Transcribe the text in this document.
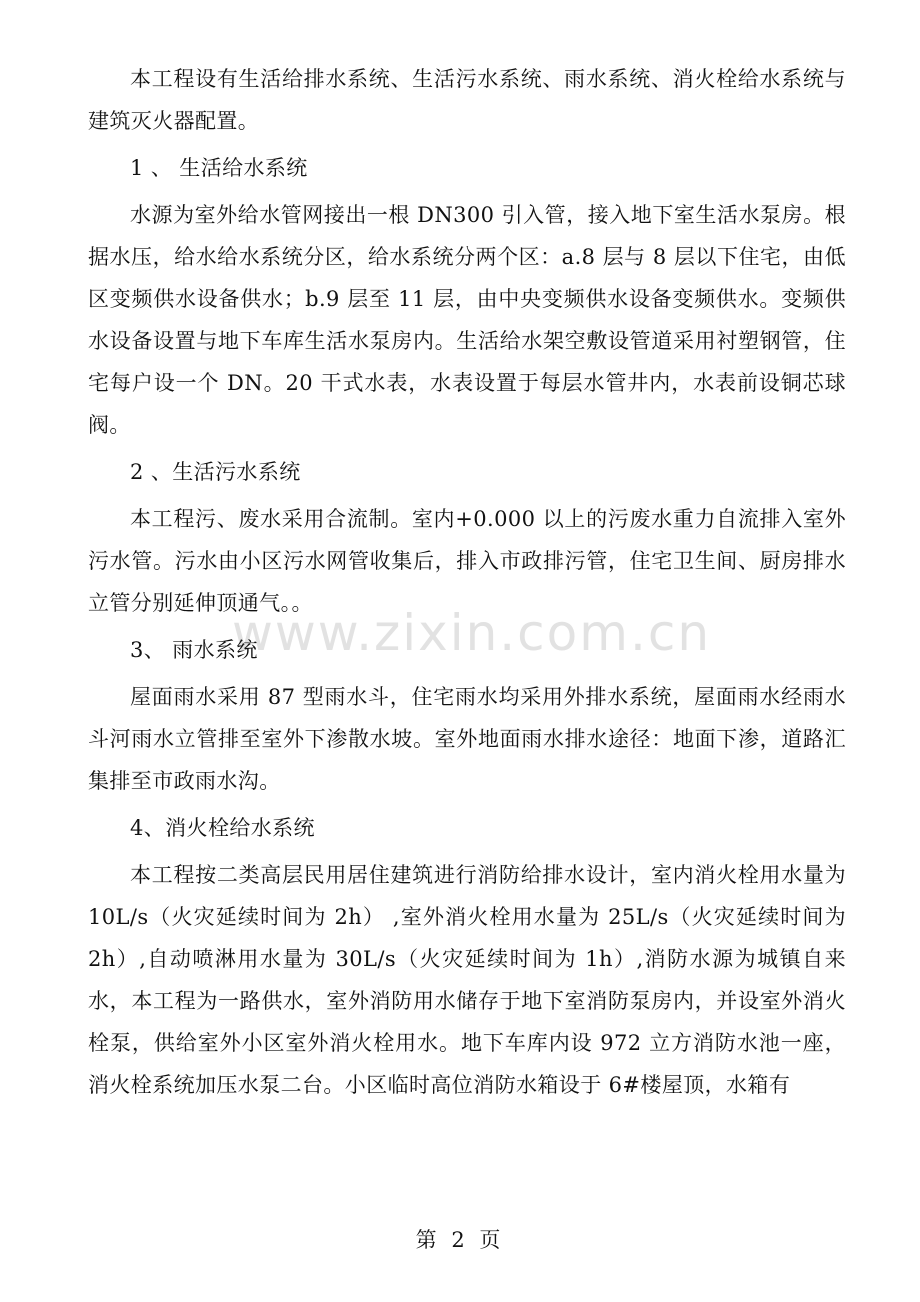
www.zixin.com.cn

本工程设有生活给排水系统、生活污水系统、雨水系统、消火栓给水系统与建筑灭火器配置。

1 、 生活给水系统

水源为室外给水管网接出一根 DN300 引入管，接入地下室生活水泵房。根据水压，给水给水系统分区，给水系统分两个区：a.8 层与 8 层以下住宅，由低区变频供水设备供水；b.9 层至 11 层，由中央变频供水设备变频供水。变频供水设备设置与地下车库生活水泵房内。生活给水架空敷设管道采用衬塑钢管，住宅每户设一个 DN。20 干式水表，水表设置于每层水管井内，水表前设铜芯球阀。

2 、生活污水系统

本工程污、废水采用合流制。室内+0.000 以上的污废水重力自流排入室外污水管。污水由小区污水网管收集后，排入市政排污管，住宅卫生间、厨房排水立管分别延伸顶通气。。

3、 雨水系统

屋面雨水采用 87 型雨水斗，住宅雨水均采用外排水系统，屋面雨水经雨水斗河雨水立管排至室外下渗散水坡。室外地面雨水排水途径：地面下渗，道路汇集排至市政雨水沟。

4、消火栓给水系统

本工程按二类高层民用居住建筑进行消防给排水设计，室内消火栓用水量为 10L/s（火灾延续时间为 2h） ,室外消火栓用水量为 25L/s（火灾延续时间为 2h）,自动喷淋用水量为 30L/s（火灾延续时间为 1h）,消防水源为城镇自来水，本工程为一路供水，室外消防用水储存于地下室消防泵房内，并设室外消火栓泵，供给室外小区室外消火栓用水。地下车库内设 972 立方消防水池一座，消火栓系统加压水泵二台。小区临时高位消防水箱设于 6#楼屋顶，水箱有

第 2 页
